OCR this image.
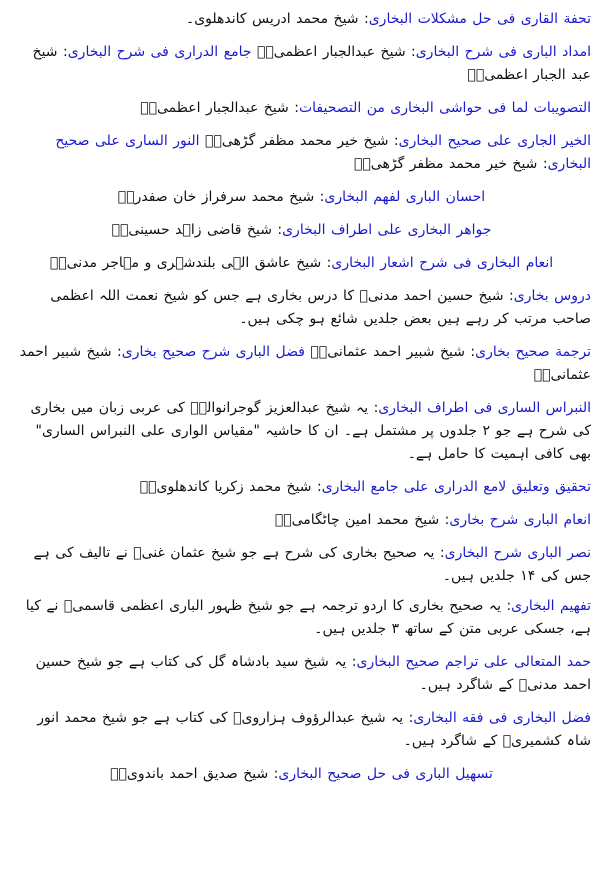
تحفة القارى فى حل مشكلات البخارى: شیخ محمد ادریس کاندھلوی۔

امداد البارى فى شرح البخارى: شیخ عبدالجبار اعظمیؒ۔ جامع الدرارى فى شرح البخارى: شیخ عبد الجبار اعظمیؒ۔

التصویبات لما فی حواشی البخاری من التصحیفات: شیخ عبدالجبار اعظمیؒ۔

الخیر الجاری علی صحیح البخاری: شیخ خیر محمد مظفر گڑھیؒ۔ النور السارى على صحيح البخارى: شیخ خیر محمد مظفر گڑھیؒ۔

احسان البارى لفهم البخارى: شیخ محمد سرفراز خان صفدرؒ۔

جواهر البخارى على اطراف البخارى: شیخ قاضی زاہد حسینیؒ۔

انعام البخارى فى شرح اشعار البخارى: شیخ عاشق الہی بلندشہری و مہاجر مدنیؒ۔

دروس بخاری: شیخ حسین احمد مدنیؒ کا درس بخاری ہے جس کو شیخ نعمت اللہ اعظمی صاحب مرتب کر رہے ہیں بعض جلدیں شائع ہو چکی ہیں۔

ترجمة صحیح بخاری: شیخ شبیر احمد عثمانیؒ۔ فضل البارى شرح صحيح بخارى: شیخ شبیر احمد عثمانیؒ۔

النبراس السارى فى اطراف البخارى: یہ شیخ عبدالعزیز گوجرانوالہؒ کی عربی زبان میں بخاری کی شرح ہے جو ۲ جلدوں پر مشتمل ہے۔ ان کا حاشیہ "مقیاس الواری علی النبراس الساری" بھی کافی اہمیت کا حامل ہے۔

تحقيق وتعليق لامع الدرارى على جامع البخارى: شیخ محمد زکریا کاندھلویؒ۔

انعام البارى شرح بخارى: شیخ محمد امین چاٹگامیؒ۔

نصر البارى شرح البخارى: یہ صحیح بخاری کی شرح ہے جو شیخ عثمان غنیؒ نے تالیف کی ہے جس کی ۱۴ جلدیں ہیں۔

تفهيم البخارى: یہ صحیح بخاری کا اردو ترجمہ ہے جو شیخ ظہور الباری اعظمی قاسمیؒ نے کیا ہے، جسکی عربی متن کے ساتھ ۳ جلدیں ہیں۔

حمد المتعالى على تراجم صحيح البخارى: یہ شیخ سید بادشاہ گل کی کتاب ہے جو شیخ حسین احمد مدنیؒ کے شاگرد ہیں۔

فضل البخارى فى فقه البخارى: یہ شیخ عبدالرؤوف ہزارویؒ کی کتاب ہے جو شیخ محمد انور شاہ کشمیریؒ کے شاگرد ہیں۔

تسهيل البارى فى حل صحيح البخارى: شیخ صدیق احمد باندویؒ۔
